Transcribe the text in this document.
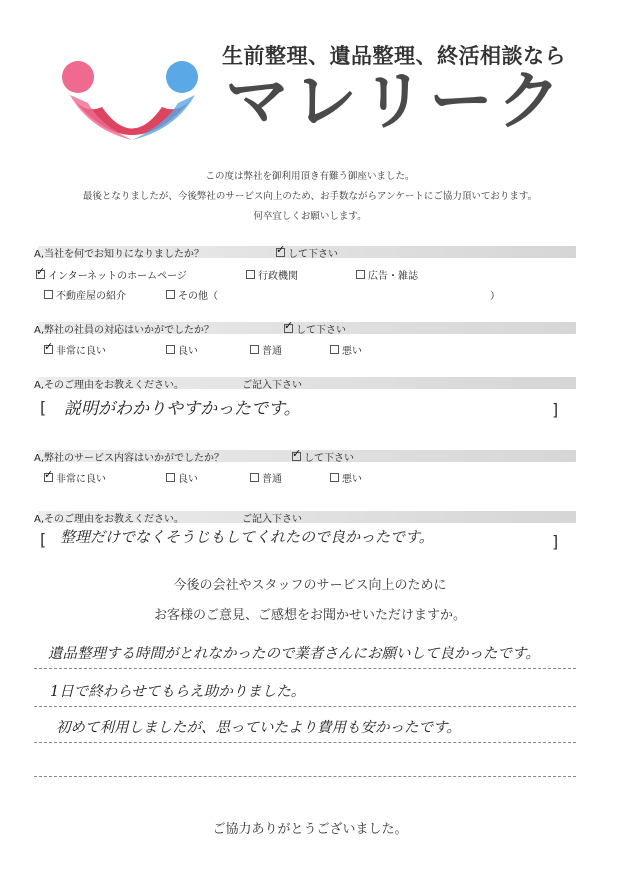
生前整理、遺品整理、終活相談なら
マレリーク
この度は弊社を御利用頂き有難う御座いました。
最後となりましたが、今後弊社のサービス向上のため、お手数ながらアンケートにご協力頂いております。
何卒宜しくお願いします。
A,当社を何でお知りになりましたか？ ✓	して下さい
✓
インターネットのホームページ	行政機関	広告・雑誌
不動産屋の紹介	その他（	）
A,弊社の社員の対応はいかがでしたか？ ✓	して下さい
✓
非常に良い	良い	普通	悪い
A,そのご理由をお教えください。	ご記入下さい
[ 説明がわかりやすかったです。	]
A,弊社のサービス内容はいかがでしたか？ ✓	して下さい
✓
非常に良い	良い	普通	悪い
A,そのご理由をお教えください。	ご記入下さい
[ 整理だけでなくそうじもしてくれたので良かったです。	]
今後の会社やスタッフのサービス向上のために
お客様のご意見、ご感想をお聞かせいただけますか。
遺品整理する時間がとれなかったので業者さんにお願いして良かったです。
1日で終わらせてもらえ助かりました。
初めて利用しましたが、思っていたより費用も安かったです。
ご協力ありがとうございました。
